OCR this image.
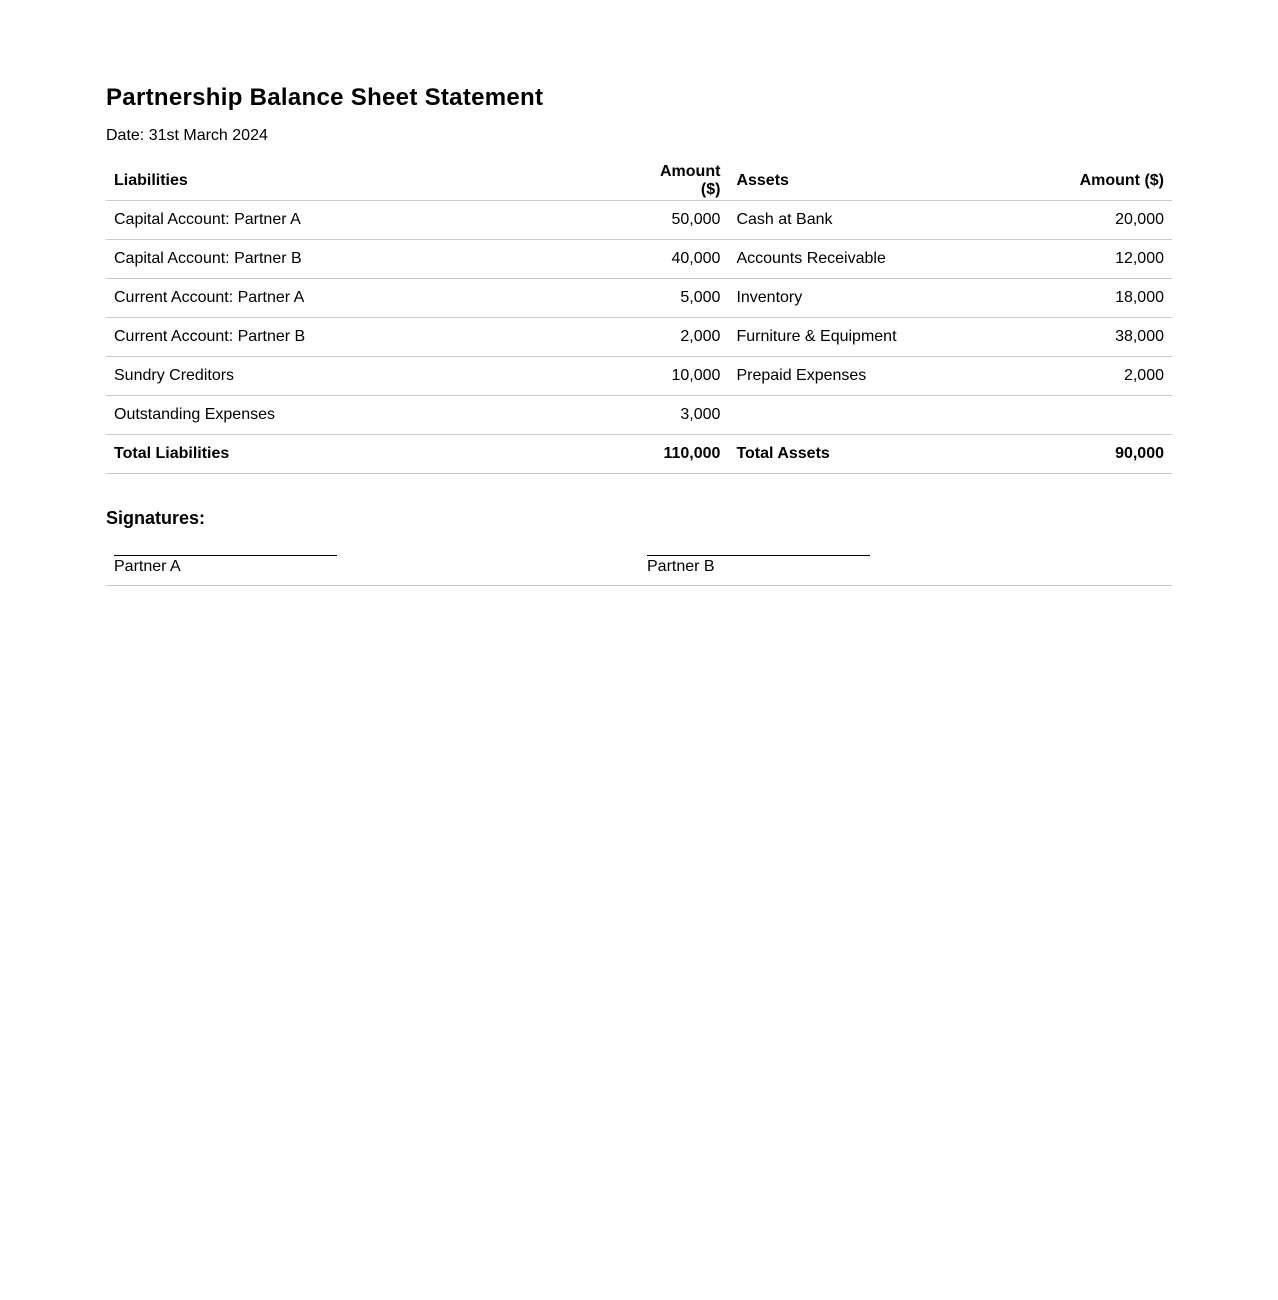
Partnership Balance Sheet Statement
Date: 31st March 2024
Liabilities	Amount ($)	Assets	Amount ($)
Capital Account: Partner A	50,000	Cash at Bank	20,000
Capital Account: Partner B	40,000	Accounts Receivable	12,000
Current Account: Partner A	5,000	Inventory	18,000
Current Account: Partner B	2,000	Furniture & Equipment	38,000
Sundry Creditors	10,000	Prepaid Expenses	2,000
Outstanding Expenses	3,000		
Total Liabilities	110,000	Total Assets	90,000
Signatures:
Partner A	Partner B
